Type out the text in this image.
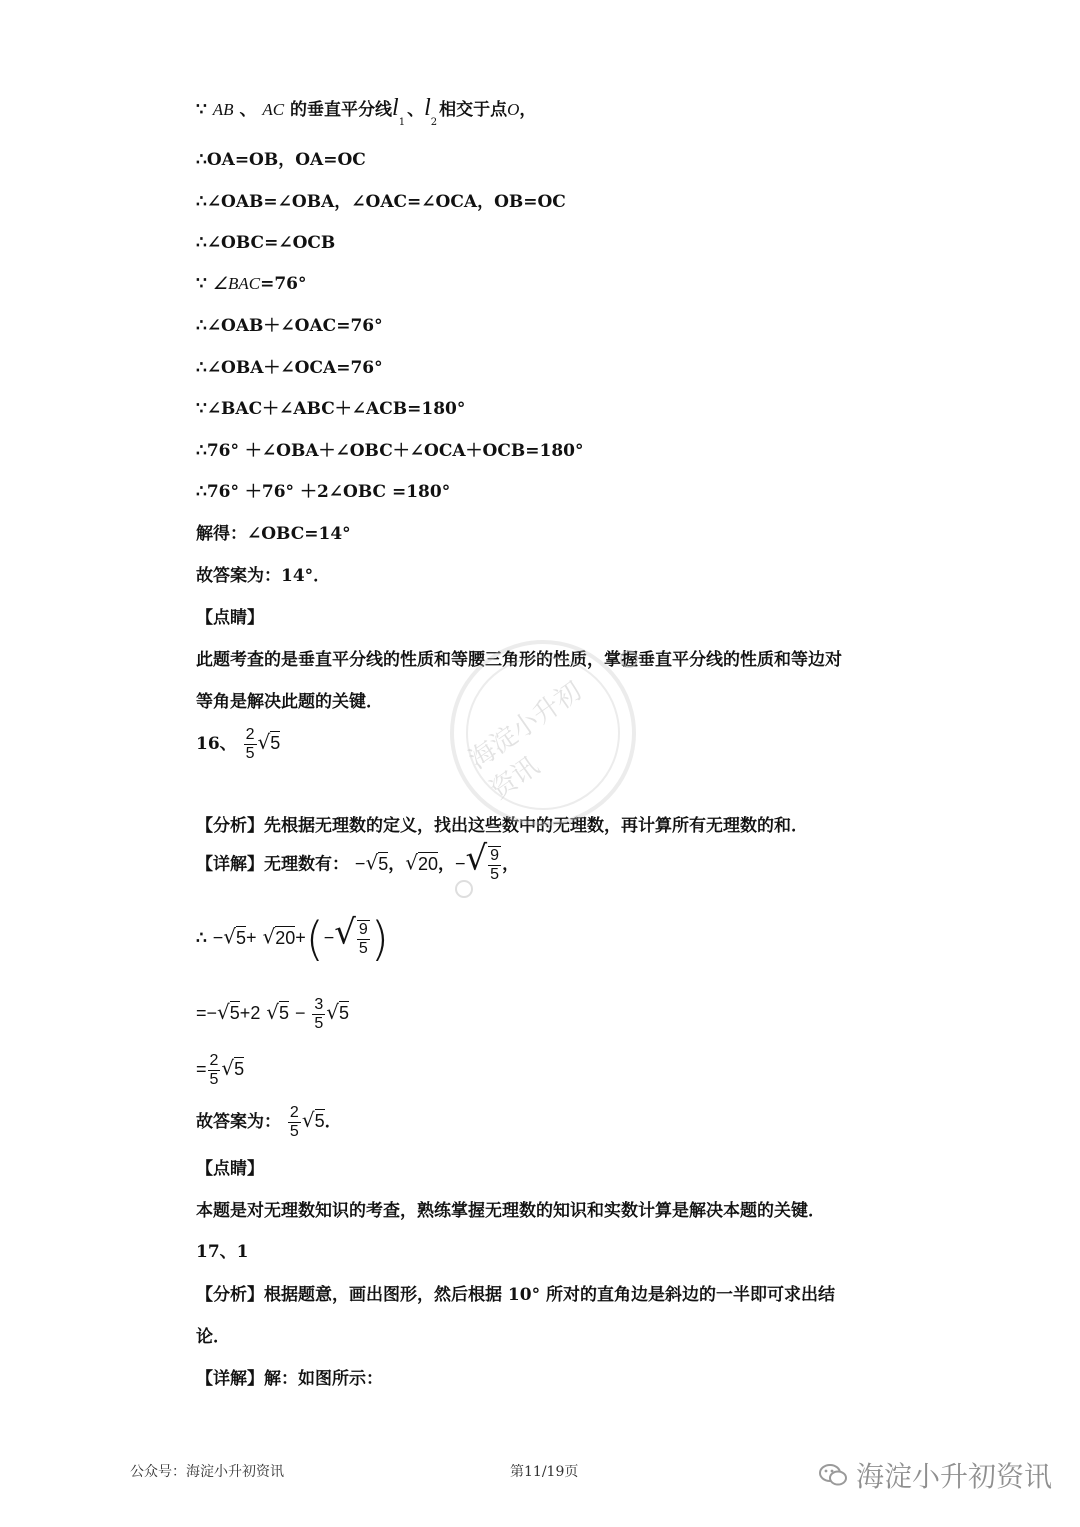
∵ AB 、 AC 的垂直平分线$l_1$、$l_2$相交于点O，
∴OA=OB，OA=OC
∴∠OAB=∠OBA，∠OAC=∠OCA，OB=OC
∴∠OBC=∠OCB
∵ ∠BAC=76°
∴∠OAB＋∠OAC=76°
∴∠OBA＋∠OCA=76°
∵∠BAC＋∠ABC＋∠ACB=180°
∴76° ＋∠OBA＋∠OBC＋∠OCA＋OCB=180°
∴76° ＋76° ＋2∠OBC =180°
解得：∠OBC=14°
故答案为：14°．
【点睛】
此题考查的是垂直平分线的性质和等腰三角形的性质，掌握垂直平分线的性质和等边对
等角是解决此题的关键．
16、 $\frac{2}{5} √5$
【分析】先根据无理数的定义，找出这些数中的无理数，再计算所有无理数的和．
【详解】无理数有： −√5，√20，−√ $\frac{9}{5}$ ，
∴ $-√5+ √20+(-√ \frac{9}{5}$ )
=−√5+2 $√5 - \frac{3}{5} √5$
= $\frac{2}{5} √5$
故答案为： $\frac{2}{5} √5$．
【点睛】
本题是对无理数知识的考查，熟练掌握无理数的知识和实数计算是解决本题的关键．
17、1
【分析】根据题意，画出图形，然后根据 10° 所对的直角边是斜边的一半即可求出结
论．
【详解】解：如图所示：
海淀小升初资讯
公众号：海淀小升初资讯	第11/19页	海淀小升初资讯
